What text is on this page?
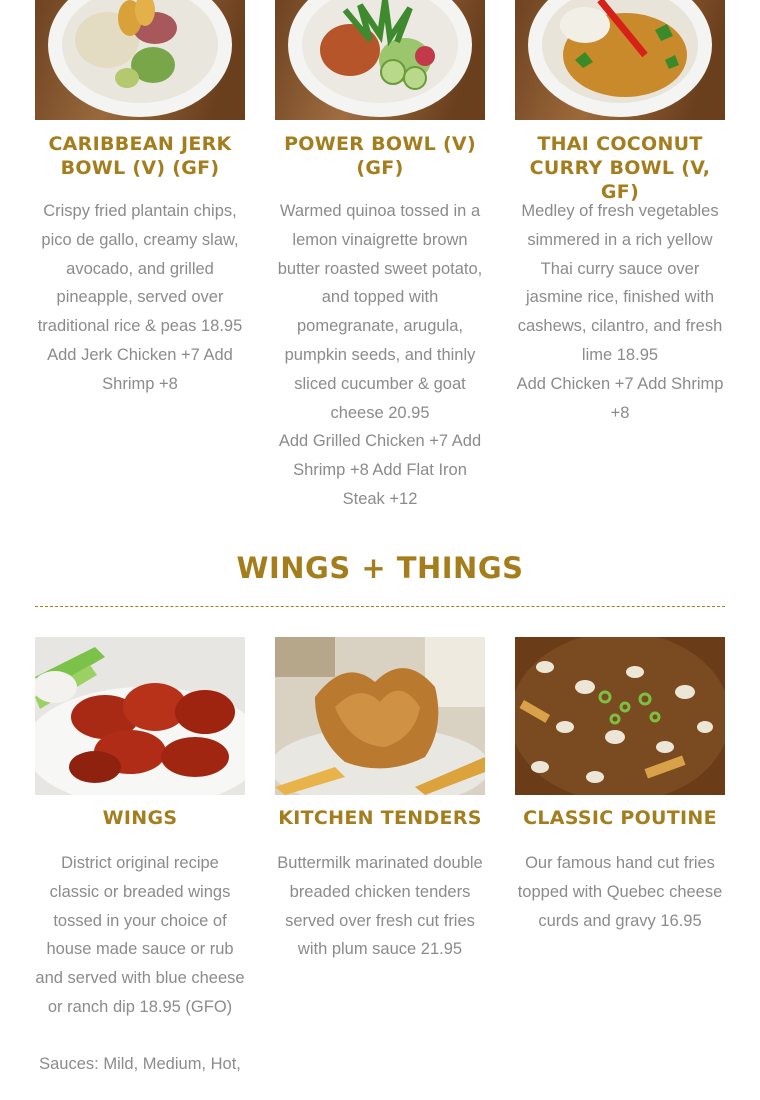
CARIBBEAN JERK BOWL (V) (GF)
Crispy fried plantain chips, pico de gallo, creamy slaw, avocado, and grilled pineapple, served over traditional rice & peas 18.95
Add Jerk Chicken +7 Add Shrimp +8
POWER BOWL (V) (GF)
Warmed quinoa tossed in a lemon vinaigrette brown butter roasted sweet potato, and topped with pomegranate, arugula, pumpkin seeds, and thinly sliced cucumber & goat cheese 20.95
Add Grilled Chicken +7 Add Shrimp +8 Add Flat Iron Steak +12
THAI COCONUT CURRY BOWL (V, GF)
Medley of fresh vegetables simmered in a rich yellow Thai curry sauce over jasmine rice, finished with cashews, cilantro, and fresh lime 18.95
Add Chicken +7 Add Shrimp +8
WINGS + THINGS
WINGS
District original recipe classic or breaded wings tossed in your choice of house made sauce or rub and served with blue cheese or ranch dip 18.95 (GFO)
Sauces: Mild, Medium, Hot,
KITCHEN TENDERS
Buttermilk marinated double breaded chicken tenders served over fresh cut fries with plum sauce 21.95
CLASSIC POUTINE
Our famous hand cut fries topped with Quebec cheese curds and gravy 16.95
